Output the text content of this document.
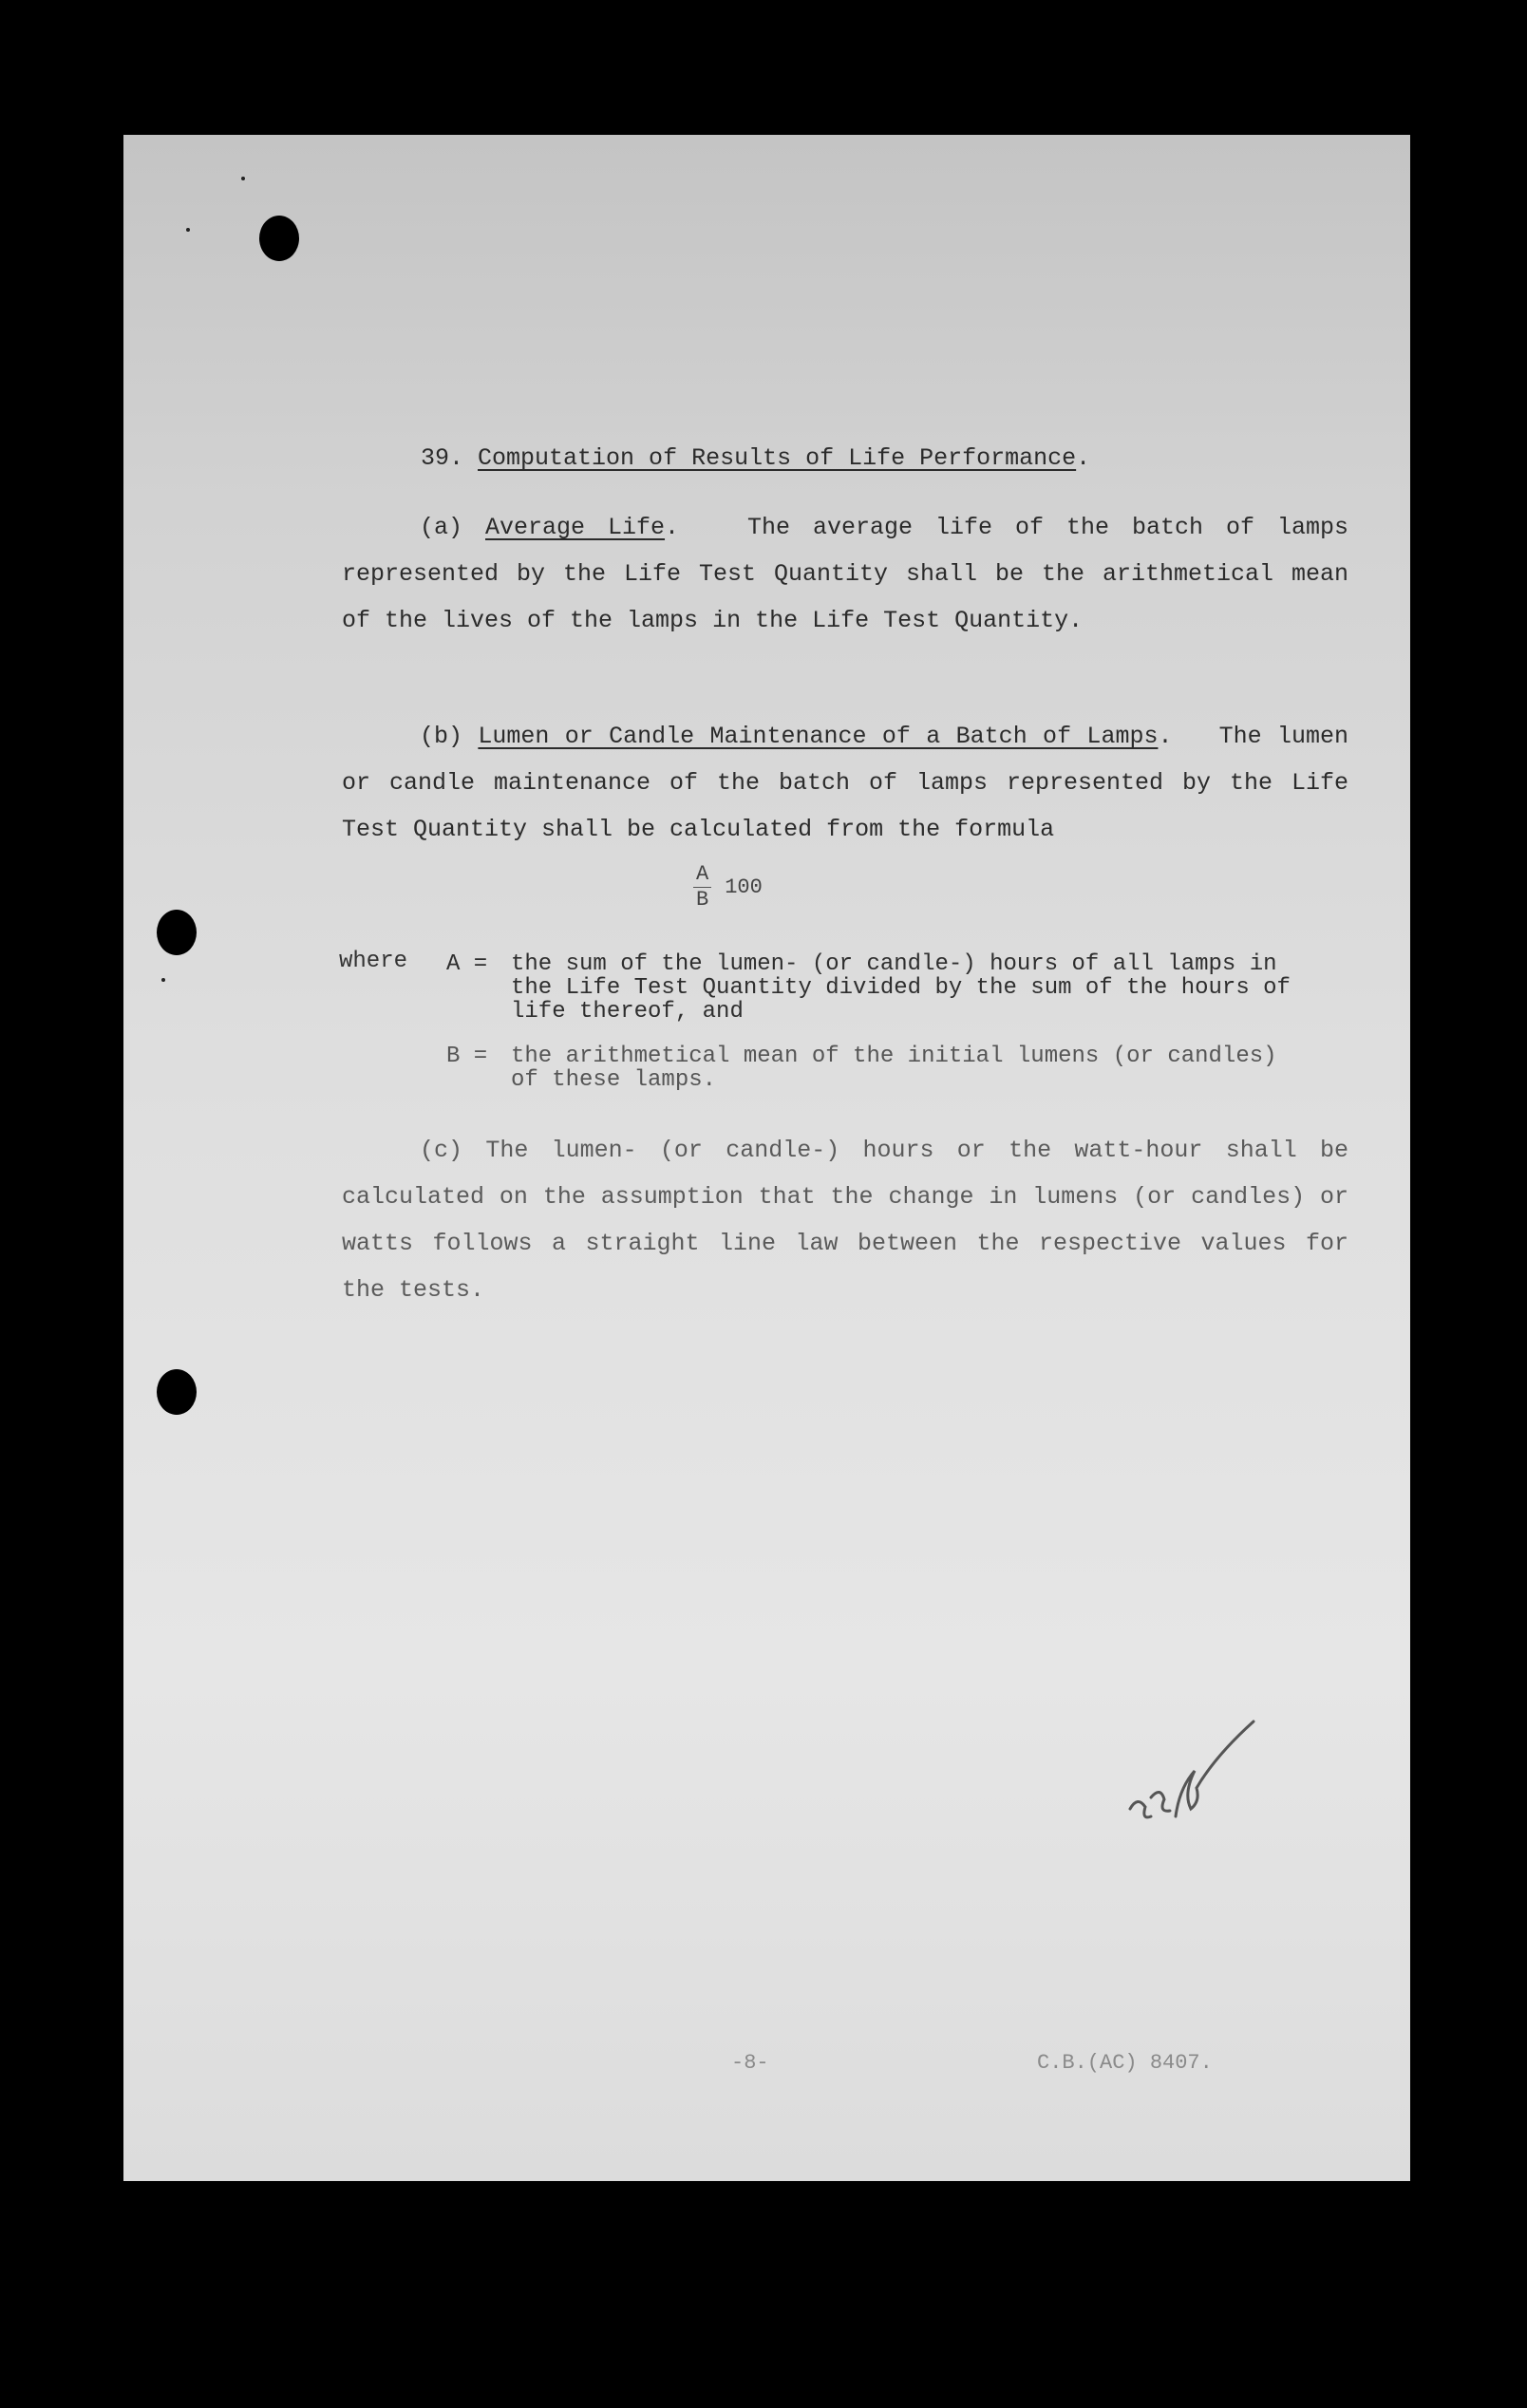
39. Computation of Results of Life Performance.
(a) Average Life.	The average life of the batch of lamps represented by the Life Test Quantity shall be the arithmetical mean of the lives of the lamps in the Life Test Quantity.
(b) Lumen or Candle Maintenance of a Batch of Lamps. The lumen or candle maintenance of the batch of lamps represented by the Life Test Quantity shall be calculated from the formula
$\frac{A}{B} 100$
where A = the sum of the lumen- (or candle-) hours of all lamps in the Life Test Quantity divided by the sum of the hours of life thereof, and
B = the arithmetical mean of the initial lumens (or candles) of these lamps.
(c) The lumen- (or candle-) hours or the watt-hour shall be calculated on the assumption that the change in lumens (or candles) or watts follows a straight line law between the respective values for the tests.
-8-	C.B.(AC) 8407.
